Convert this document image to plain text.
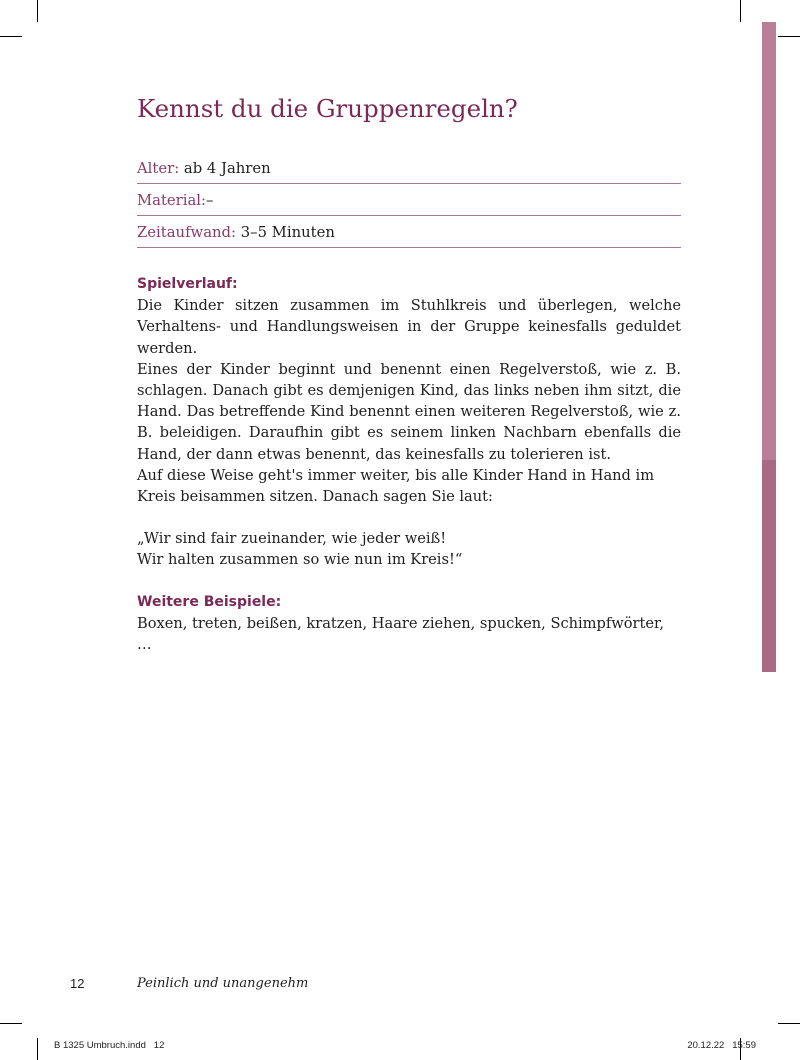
Kennst du die Gruppenregeln?
Alter: ab 4 Jahren
Material:–
Zeitaufwand: 3–5 Minuten
Spielverlauf:
Die Kinder sitzen zusammen im Stuhlkreis und überlegen, welche Verhaltens- und Handlungsweisen in der Gruppe keinesfalls geduldet werden.
Eines der Kinder beginnt und benennt einen Regelverstoß, wie z. B. schlagen. Danach gibt es demjenigen Kind, das links neben ihm sitzt, die Hand. Das betreffende Kind benennt einen weiteren Regelverstoß, wie z. B. beleidigen. Daraufhin gibt es seinem linken Nachbarn ebenfalls die Hand, der dann etwas benennt, das keinesfalls zu tolerieren ist.
Auf diese Weise geht's immer weiter, bis alle Kinder Hand in Hand im Kreis beisammen sitzen. Danach sagen Sie laut:
„Wir sind fair zueinander, wie jeder weiß!
Wir halten zusammen so wie nun im Kreis!“
Weitere Beispiele:
Boxen, treten, beißen, kratzen, Haare ziehen, spucken, Schimpfwörter, …
12	Peinlich und unangenehm
B 1325 Umbruch.indd   12	20.12.22   15:59
